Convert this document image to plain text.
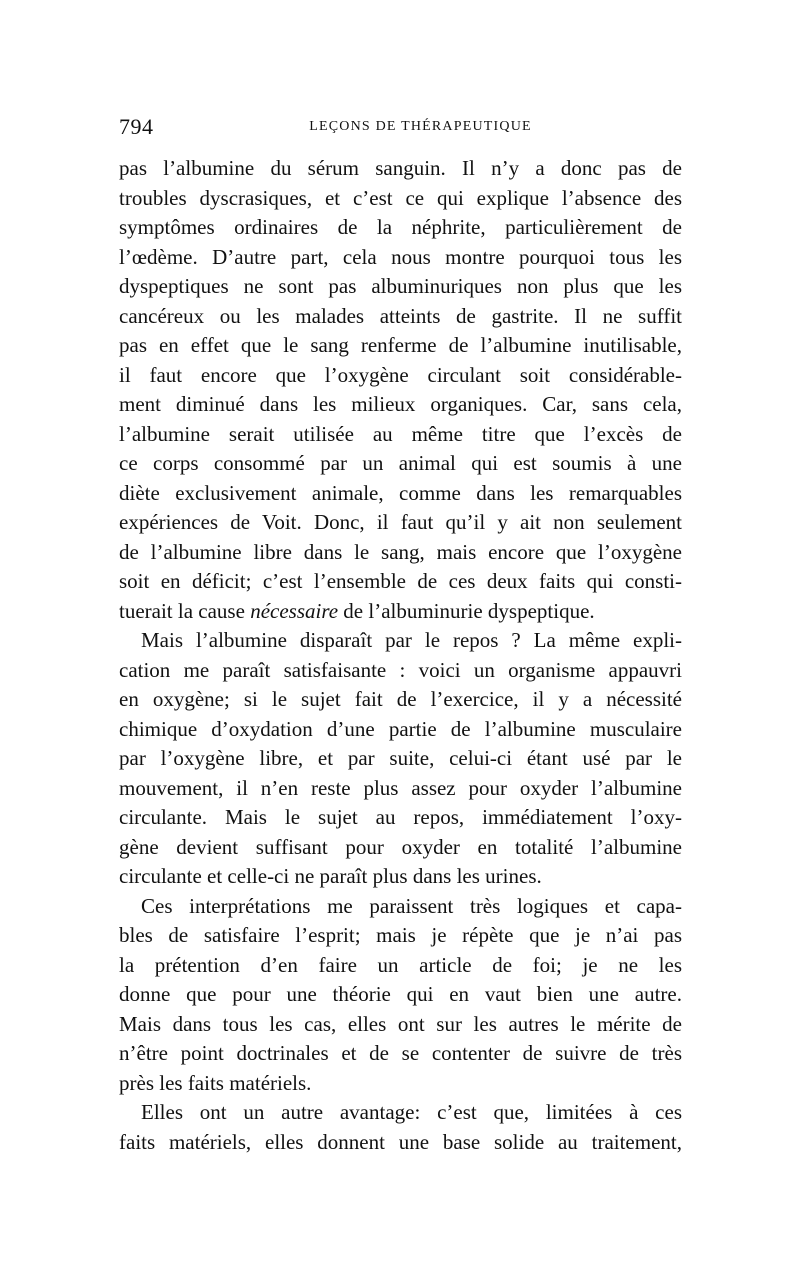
794	LEÇONS DE THÉRAPEUTIQUE
pas l’albumine du sérum sanguin. Il n’y a donc pas de
troubles dyscrasiques, et c’est ce qui explique l’absence des
symptômes ordinaires de la néphrite, particulièrement de
l’œdème. D’autre part, cela nous montre pourquoi tous les
dyspeptiques ne sont pas albuminuriques non plus que les
cancéreux ou les malades atteints de gastrite. Il ne suffit
pas en effet que le sang renferme de l’albumine inutilisable,
il faut encore que l’oxygène circulant soit considérable-
ment diminué dans les milieux organiques. Car, sans cela,
l’albumine serait utilisée au même titre que l’excès de
ce corps consommé par un animal qui est soumis à une
diète exclusivement animale, comme dans les remarquables
expériences de Voit. Donc, il faut qu’il y ait non seulement
de l’albumine libre dans le sang, mais encore que l’oxygène
soit en déficit; c’est l’ensemble de ces deux faits qui consti-
tuerait la cause nécessaire de l’albuminurie dyspeptique.
Mais l’albumine disparaît par le repos ? La même expli-
cation me paraît satisfaisante : voici un organisme appauvri
en oxygène; si le sujet fait de l’exercice, il y a nécessité
chimique d’oxydation d’une partie de l’albumine musculaire
par l’oxygène libre, et par suite, celui-ci étant usé par le
mouvement, il n’en reste plus assez pour oxyder l’albumine
circulante. Mais le sujet au repos, immédiatement l’oxy-
gène devient suffisant pour oxyder en totalité l’albumine
circulante et celle-ci ne paraît plus dans les urines.
Ces interprétations me paraissent très logiques et capa-
bles de satisfaire l’esprit; mais je répète que je n’ai pas
la prétention d’en faire un article de foi; je ne les
donne que pour une théorie qui en vaut bien une autre.
Mais dans tous les cas, elles ont sur les autres le mérite de
n’être point doctrinales et de se contenter de suivre de très
près les faits matériels.
Elles ont un autre avantage: c’est que, limitées à ces
faits matériels, elles donnent une base solide au traitement,
